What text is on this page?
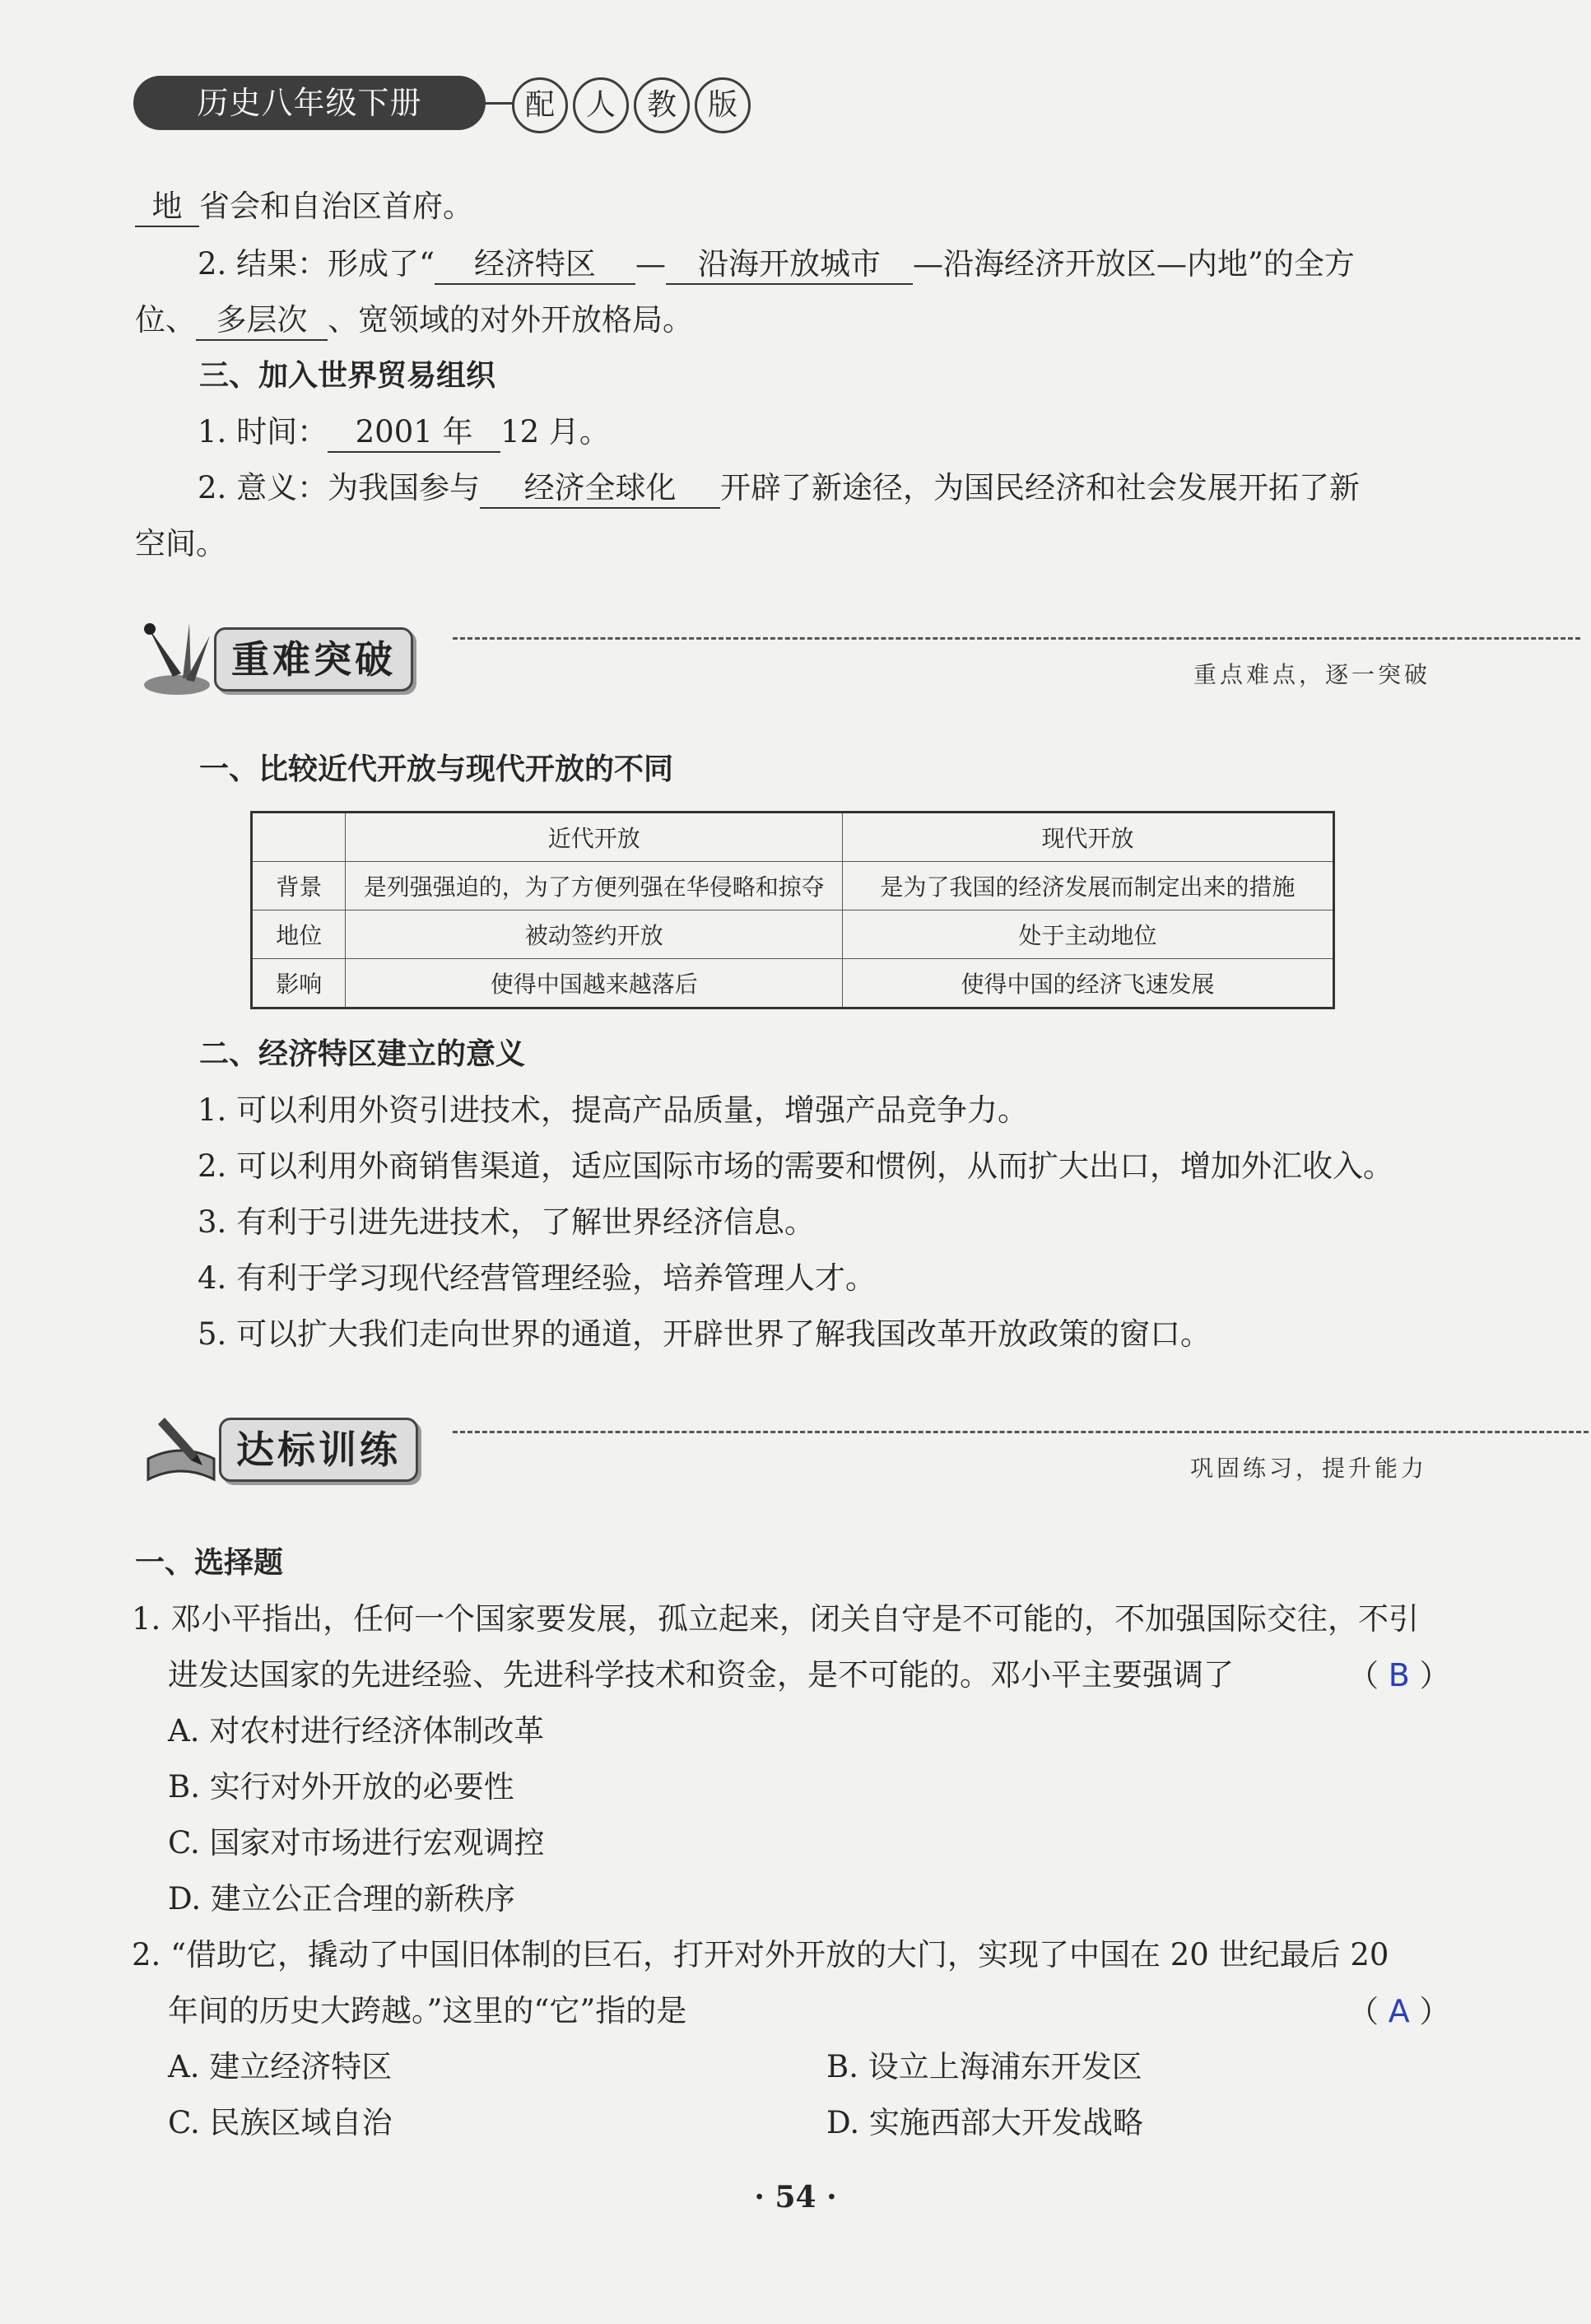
历史八年级下册	配	人	教	版
地 省会和自治区首府。
2. 结果：形成了“ 经济特区 — 沿海开放城市 —沿海经济开放区—内地”的全方
位、 多层次 、宽领域的对外开放格局。
三、加入世界贸易组织
1. 时间： 2001 年 12 月。
2. 意义：为我国参与 经济全球化 开辟了新途径，为国民经济和社会发展开拓了新
空间。
重难突破	重点难点，逐一突破
一、比较近代开放与现代开放的不同
	近代开放	现代开放
背景	是列强强迫的，为了方便列强在华侵略和掠夺	是为了我国的经济发展而制定出来的措施
地位	被动签约开放	处于主动地位
影响	使得中国越来越落后	使得中国的经济飞速发展
二、经济特区建立的意义
1. 可以利用外资引进技术，提高产品质量，增强产品竞争力。
2. 可以利用外商销售渠道，适应国际市场的需要和惯例，从而扩大出口，增加外汇收入。
3. 有利于引进先进技术，了解世界经济信息。
4. 有利于学习现代经营管理经验，培养管理人才。
5. 可以扩大我们走向世界的通道，开辟世界了解我国改革开放政策的窗口。
达标训练	巩固练习，提升能力
一、选择题
1. 邓小平指出，任何一个国家要发展，孤立起来，闭关自守是不可能的，不加强国际交往，不引
进发达国家的先进经验、先进科学技术和资金，是不可能的。邓小平主要强调了	（ B ）
A. 对农村进行经济体制改革
B. 实行对外开放的必要性
C. 国家对市场进行宏观调控
D. 建立公正合理的新秩序
2. “借助它，撬动了中国旧体制的巨石，打开对外开放的大门，实现了中国在 20 世纪最后 20
年间的历史大跨越。”这里的“它”指的是	（ A ）
A. 建立经济特区	B. 设立上海浦东开发区
C. 民族区域自治	D. 实施西部大开发战略
· 54 ·
